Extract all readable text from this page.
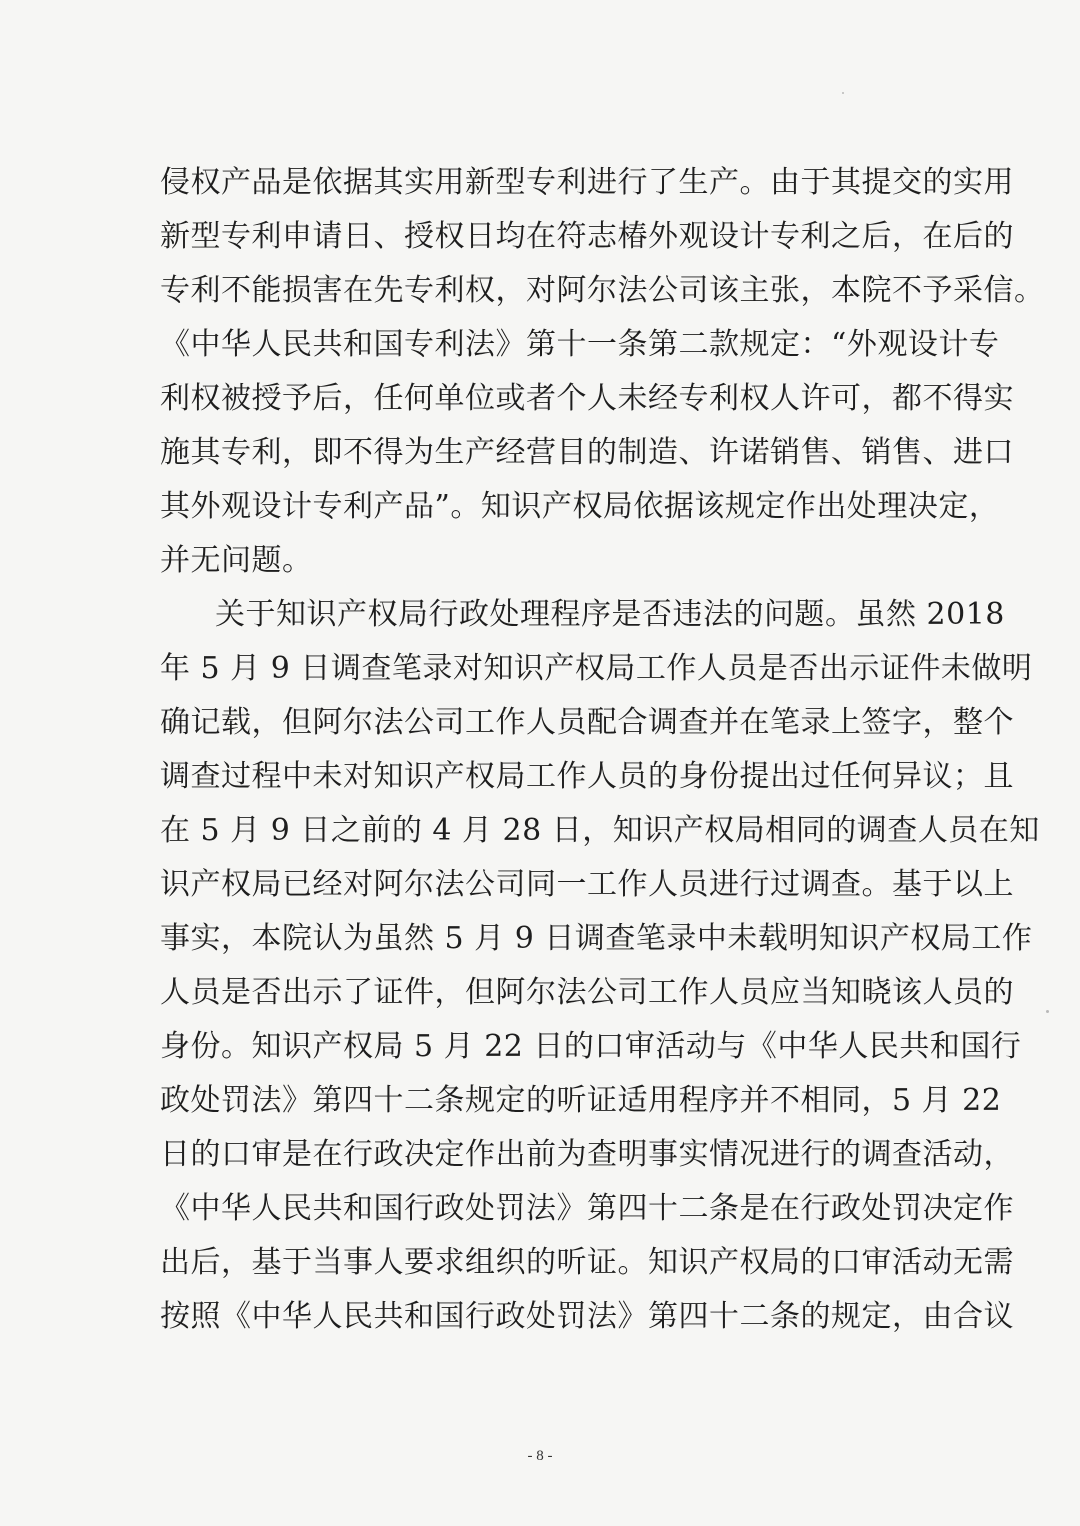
侵权产品是依据其实用新型专利进行了生产。由于其提交的实用
新型专利申请日、授权日均在符志椿外观设计专利之后，在后的
专利不能损害在先专利权，对阿尔法公司该主张，本院不予采信。
《中华人民共和国专利法》第十一条第二款规定：“外观设计专
利权被授予后，任何单位或者个人未经专利权人许可，都不得实
施其专利，即不得为生产经营目的制造、许诺销售、销售、进口
其外观设计专利产品”。知识产权局依据该规定作出处理决定，
并无问题。
关于知识产权局行政处理程序是否违法的问题。虽然 2018
年 5 月 9 日调查笔录对知识产权局工作人员是否出示证件未做明
确记载，但阿尔法公司工作人员配合调查并在笔录上签字，整个
调查过程中未对知识产权局工作人员的身份提出过任何异议；且
在 5 月 9 日之前的 4 月 28 日，知识产权局相同的调查人员在知
识产权局已经对阿尔法公司同一工作人员进行过调查。基于以上
事实，本院认为虽然 5 月 9 日调查笔录中未载明知识产权局工作
人员是否出示了证件，但阿尔法公司工作人员应当知晓该人员的
身份。知识产权局 5 月 22 日的口审活动与《中华人民共和国行
政处罚法》第四十二条规定的听证适用程序并不相同，5 月 22
日的口审是在行政决定作出前为查明事实情况进行的调查活动，
《中华人民共和国行政处罚法》第四十二条是在行政处罚决定作
出后，基于当事人要求组织的听证。知识产权局的口审活动无需
按照《中华人民共和国行政处罚法》第四十二条的规定，由合议
- 8 -
